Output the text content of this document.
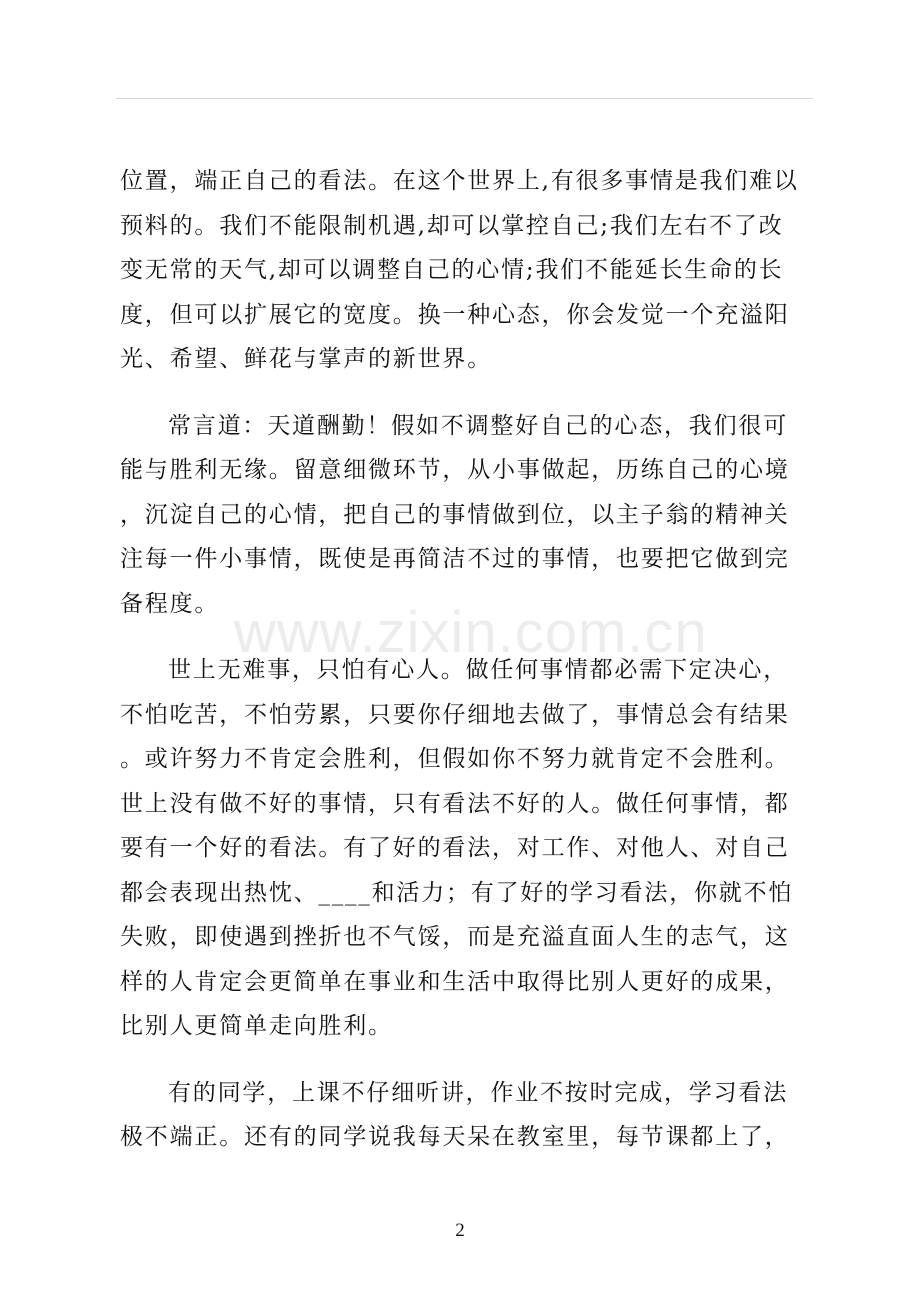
位置，端正自己的看法。在这个世界上,有很多事情是我们难以
预料的。我们不能限制机遇,却可以掌控自己;我们左右不了改
变无常的天气,却可以调整自己的心情;我们不能延长生命的长
度，但可以扩展它的宽度。换一种心态，你会发觉一个充溢阳
光、希望、鲜花与掌声的新世界。
常言道：天道酬勤！假如不调整好自己的心态，我们很可
能与胜利无缘。留意细微环节，从小事做起，历练自己的心境
，沉淀自己的心情，把自己的事情做到位，以主子翁的精神关
注每一件小事情，既使是再简洁不过的事情，也要把它做到完
备程度。
世上无难事，只怕有心人。做任何事情都必需下定决心，
不怕吃苦，不怕劳累，只要你仔细地去做了，事情总会有结果
。或许努力不肯定会胜利，但假如你不努力就肯定不会胜利。
世上没有做不好的事情，只有看法不好的人。做任何事情，都
要有一个好的看法。有了好的看法，对工作、对他人、对自己
都会表现出热忱、____和活力；有了好的学习看法，你就不怕
失败，即使遇到挫折也不气馁，而是充溢直面人生的志气，这
样的人肯定会更简单在事业和生活中取得比别人更好的成果，
比别人更简单走向胜利。
有的同学，上课不仔细听讲，作业不按时完成，学习看法
极不端正。还有的同学说我每天呆在教室里，每节课都上了，
www.zixin.com.cn
2
